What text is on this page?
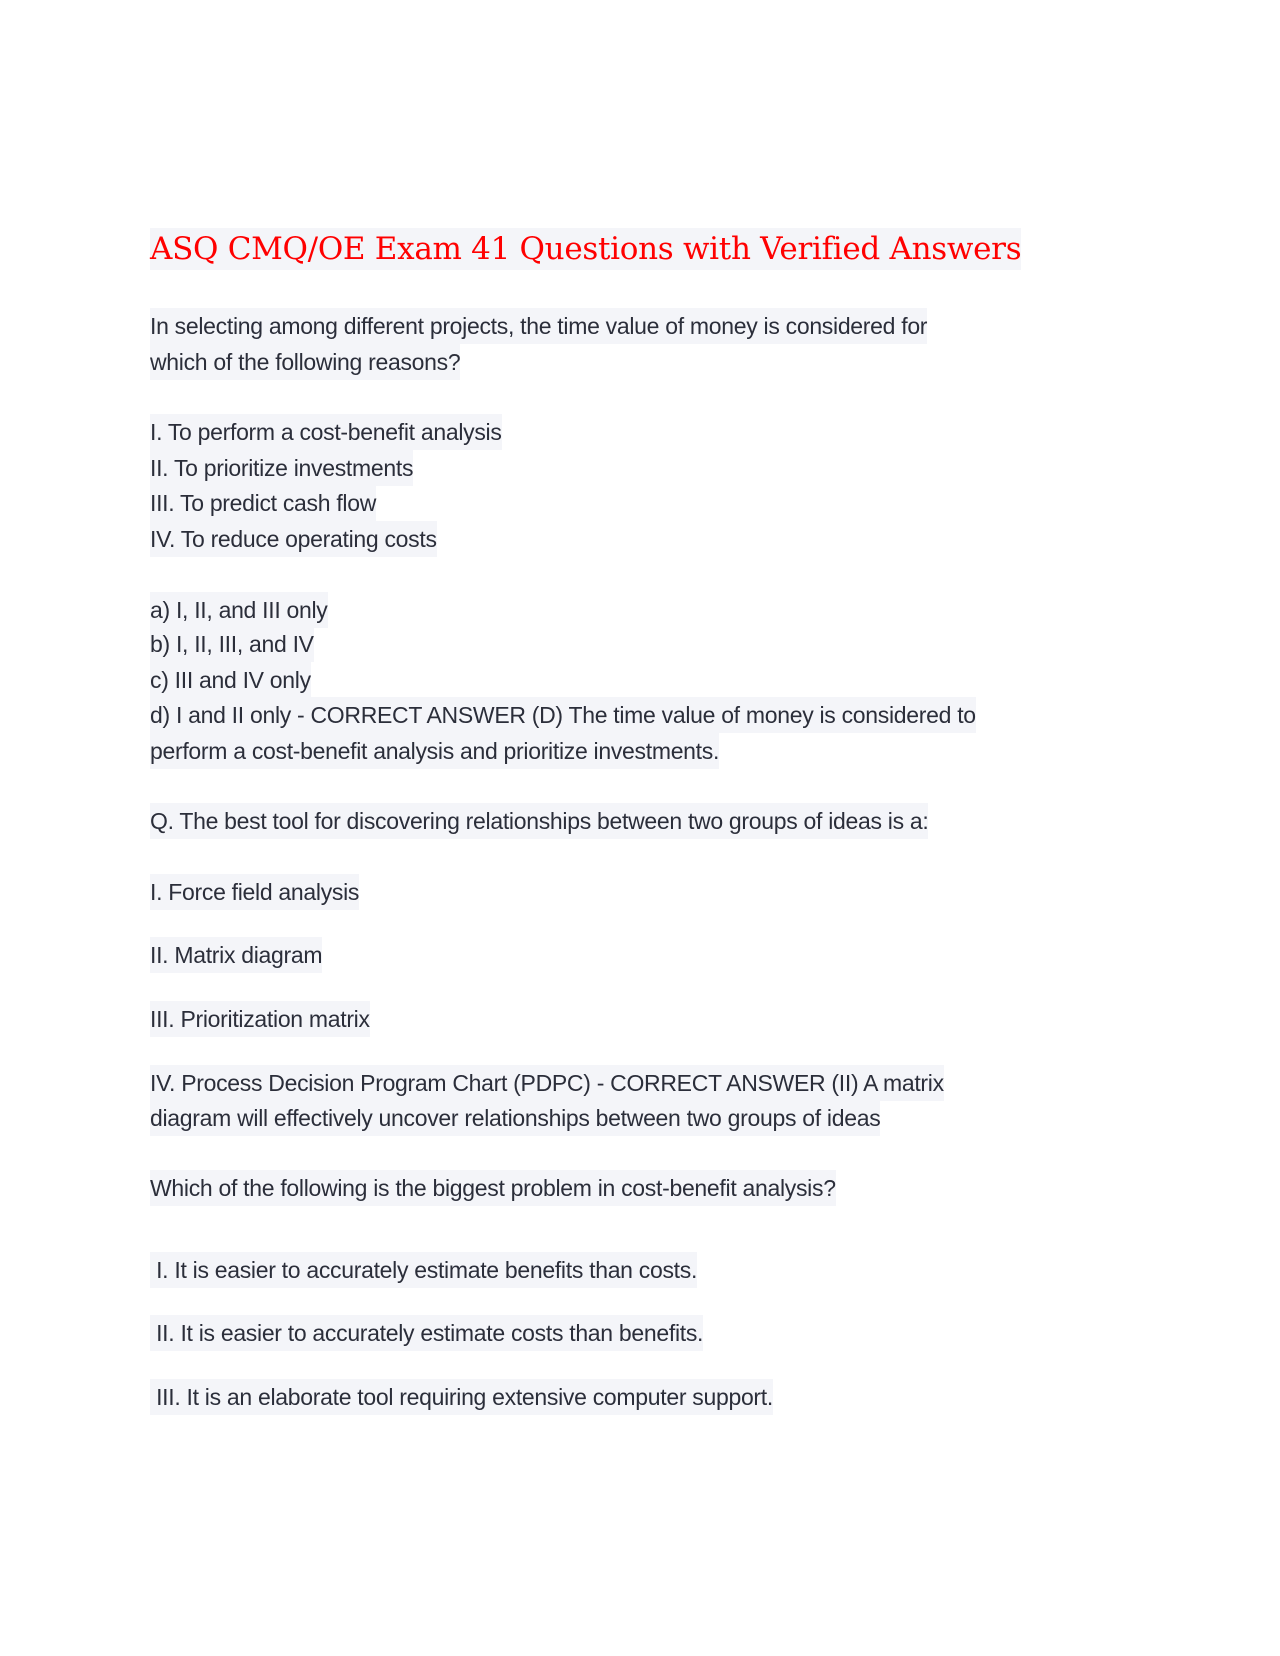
ASQ CMQ/OE Exam 41 Questions with Verified Answers
In selecting among different projects, the time value of money is considered for
which of the following reasons?
I. To perform a cost-benefit analysis
II. To prioritize investments
III. To predict cash flow
IV. To reduce operating costs
a) I, II, and III only
b) I, II, III, and IV
c) III and IV only
d) I and II only - CORRECT ANSWER (D) The time value of money is considered to
perform a cost-benefit analysis and prioritize investments.
Q. The best tool for discovering relationships between two groups of ideas is a:
I. Force field analysis
II. Matrix diagram
III. Prioritization matrix
IV. Process Decision Program Chart (PDPC) - CORRECT ANSWER (II) A matrix
diagram will effectively uncover relationships between two groups of ideas
Which of the following is the biggest problem in cost-benefit analysis?
I. It is easier to accurately estimate benefits than costs.
II. It is easier to accurately estimate costs than benefits.
III. It is an elaborate tool requiring extensive computer support.
